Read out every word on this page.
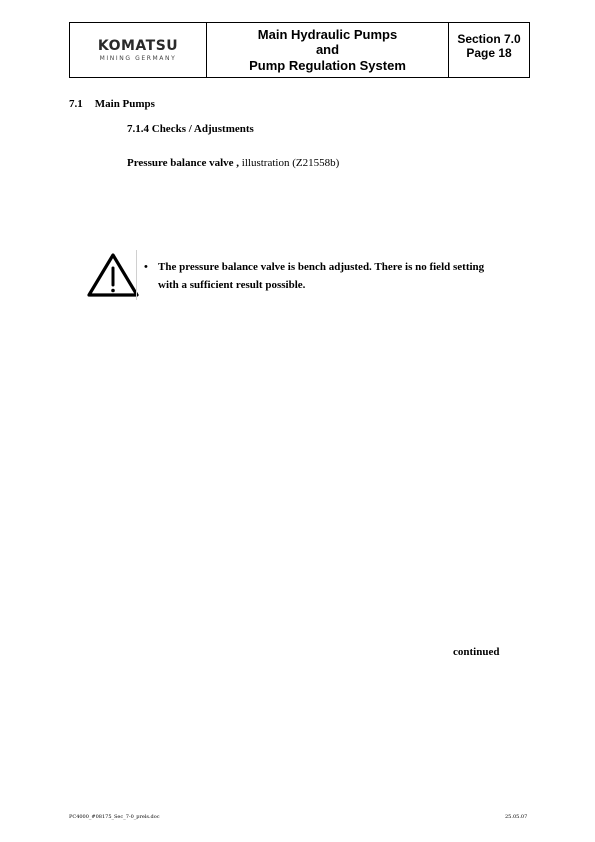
KOMATSU
MINING GERMANY
Main Hydraulic Pumps
and
Pump Regulation System
Section 7.0
Page 18
7.1 Main Pumps
7.1.4 Checks / Adjustments
Pressure balance valve , illustration (Z21558b)
• The pressure balance valve is bench adjusted. There is no field setting with a sufficient result possible.
continued
PC4000_#08175_Sec_7-0_prels.doc	25.05.07
